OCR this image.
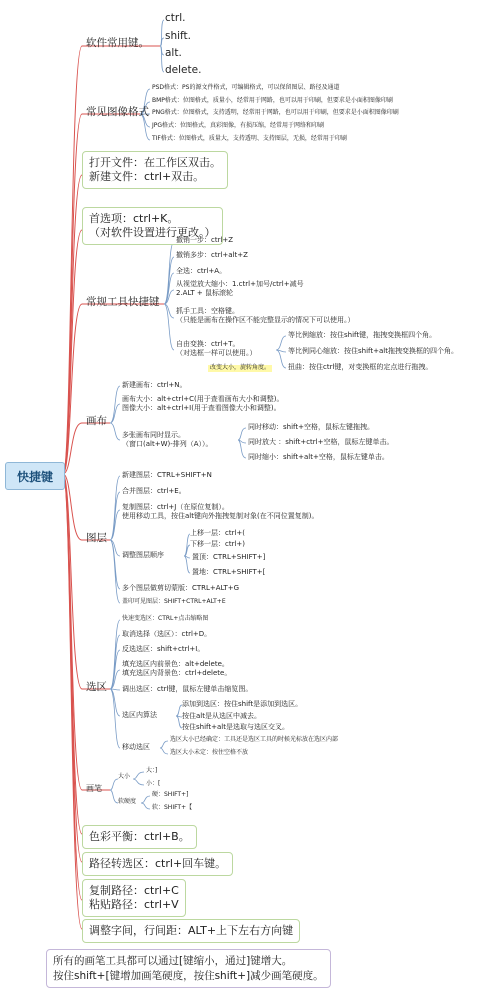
快捷键
软件常用键。
ctrl.
shift.
alt.
delete.
常见图像格式
PSD格式：PS的源文件格式，可编辑格式，可以保留图层、路径及通道
BMP格式：位图格式，质量小，经常用于网路，也可以用于印刷，但要求是小面积图像印刷
PNG格式：位图格式，支持透明，经常用于网路，也可以用于印刷，但要求是小面积图像印刷
JPG格式：位图格式，真彩图像，有损压缩，经常用于网络和印刷
TIF格式：位图格式，质量大，支持透明、支持图层，无损，经常用于印刷
打开文件：在工作区双击。
新建文件：ctrl+双击。
首选项：ctrl+K。
（对软件设置进行更改。）
常规工具快捷键
撤销一步：ctrl+Z
撤销多步：ctrl+alt+Z
全选：ctrl+A。
从视觉放大缩小：1.ctrl+加号/ctrl+减号
2.ALT + 鼠标滚轮
抓手工具：空格键。
（只能是画布在操作区不能完整显示的情况下可以使用。）
自由变换：ctrl+T。
（对选框一样可以使用。）
改变大小，旋转角度。
等比例缩放：按住shift键，拖拽变换框四个角。
等比例同心缩放：按住shift+alt拖拽变换框的四个角。
扭曲：按住ctrl键，对变换框的定点进行拖拽。
画布
新建画布：ctrl+N。
画布大小：alt+ctrl+C(用于查看画布大小和调整)。
图像大小：alt+ctrl+I(用于查看图像大小和调整)。
多张画布同时显示。
（窗口(alt+W)-排列（A））。
同时移动：shift+空格，鼠标左键拖拽。
同时放大 ：shift+ctrl+空格，鼠标左键单击。
同时缩小：shift+alt+空格，鼠标左键单击。
图层
新建图层：CTRL+SHIFT+N
合并图层：ctrl+E。
复制图层：ctrl+J（在原位复制）。
使用移动工具，按住alt键向外拖拽复制对象(在不同位置复制)。
调整图层顺序
上移一层：ctrl+(
下移一层：ctrl+)
置顶：CTRL+SHIFT+]
置地：CTRL+SHIFT+[
多个图层做剪切蒙版：CTRL+ALT+G
盖印可见图层：SHIFT+CTRL+ALT+E
选区
快速变选区：CTRL+点击缩略图
取消选择（选区）：ctrl+D。
反选选区：shift+ctrl+I。
填充选区内前景色：alt+delete。
填充选区内背景色：ctrl+delete。
调出选区：ctrl键，鼠标左键单击缩览图。
选区内算法
添加到选区：按住shift是添加到选区。
按住alt是从选区中减去。
按住shift+alt是选取与选区交叉。
移动选区
选区大小已经确定：工具还是选区工具的时候光标放在选区内部
选区大小未定：按住空格不放
画笔
大小
大：]
小：[
软硬度
硬：SHIFT+]
软：SHIFT+【
色彩平衡：ctrl+B。
路径转选区：ctrl+回车键。
复制路径：ctrl+C
粘贴路径：ctrl+V
调整字间，行间距：ALT+上下左右方向键
所有的画笔工具都可以通过[键缩小，通过]键增大。
按住shift+[键增加画笔硬度，按住shift+]减少画笔硬度。
